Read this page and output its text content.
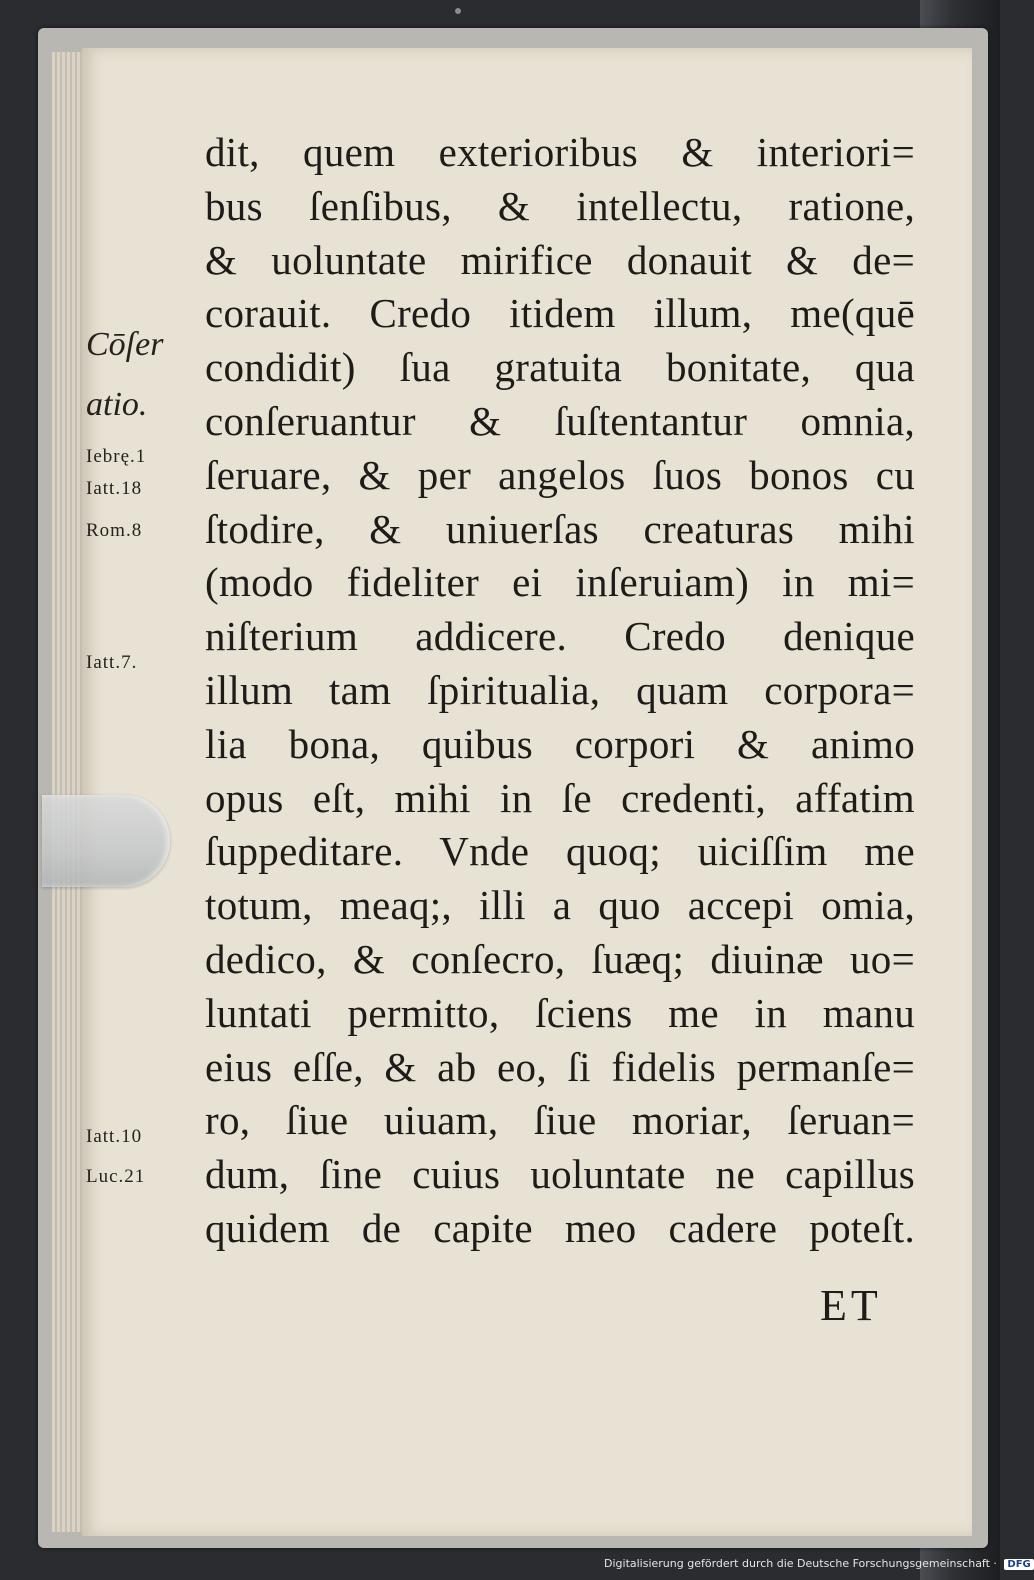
Cōſer
atio.
Iebrę.1
Iatt.18
Rom.8
Iatt.7.
Iatt.10
Luc.21
dit, quem exterioribus & interiori=
bus ſenſibus, & intellectu, ratione,
& uoluntate mirifice donauit & de=
corauit. Credo itidem illum, me(quē
condidit) ſua gratuita bonitate, qua
conſeruantur & ſuſtentantur omnia,
ſeruare, & per angelos ſuos bonos cu
ſtodire, & uniuerſas creaturas mihi
(modo fideliter ei inſeruiam) in mi=
niſterium addicere. Credo denique
illum tam ſpiritualia, quam corpora=
lia bona, quibus corpori & animo
opus eſt, mihi in ſe credenti, affatim
ſuppeditare. Vnde quoq; uiciſſim me
totum, meaq;, illi a quo accepi omia,
dedico, & conſecro, ſuæq; diuinæ uo=
luntati permitto, ſciens me in manu
eius eſſe, & ab eo, ſi fidelis permanſe=
ro, ſiue uiuam, ſiue moriar, ſeruan=
dum, ſine cuius uoluntate ne capillus
quidem de capite meo cadere poteſt.
ET
Digitalisierung gefördert durch die Deutsche Forschungsgemeinschaft · DFG
